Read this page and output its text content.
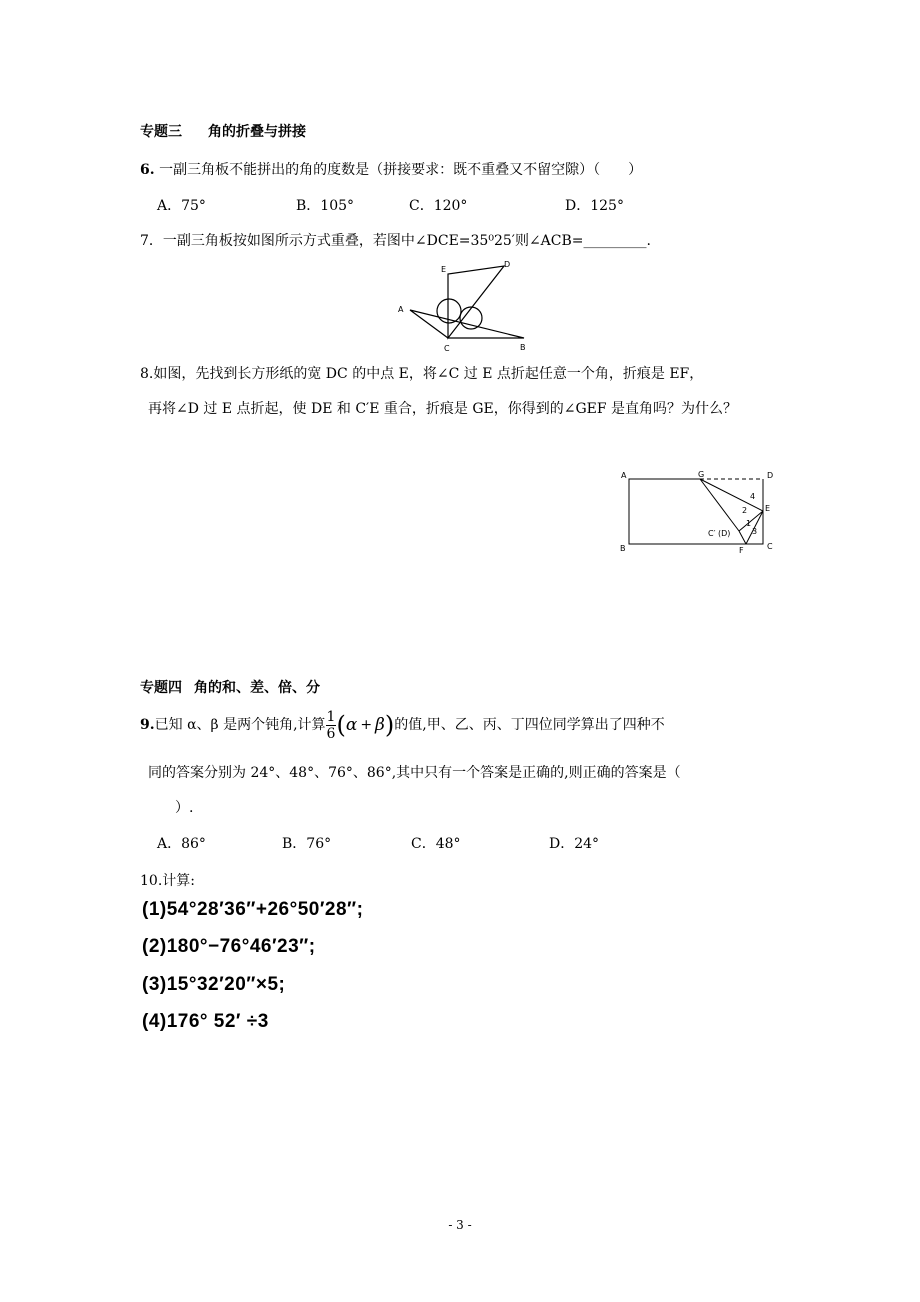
专题三 角的折叠与拼接
6. 一副三角板不能拼出的角的度数是（拼接要求：既不重叠又不留空隙）（　　）
A．75°	B．105°	C．120°	D．125°
7．一副三角板按如图所示方式重叠，若图中∠DCE=35⁰25′则∠ACB=_________.
A
B
C
D
E
8.如图，先找到长方形纸的宽 DC 的中点 E，将∠C 过 E 点折起任意一个角，折痕是 EF，
再将∠D 过 E 点折起，使 DE 和 C′E 重合，折痕是 GE，你得到的∠GEF 是直角吗？为什么？
A
B	C
D
E
F
G
C′ (D)
1
2
3
4
专题四 角的和、差、倍、分
9.已知 α、β 是两个钝角,计算 $\frac{1}{6} (\alpha + \beta)$的值,甲、乙、丙、丁四位同学算出了四种不
同的答案分别为 24°、48°、76°、86°,其中只有一个答案是正确的,则正确的答案是（
）.
A．86°	B．76°	C．48°	D．24°
10.计算:
(1)54°28′36″+26°50′28″;
(2)180°−76°46′23″;
(3)15°32′20″×5;
(4)176° 52′ ÷3
- 3 -
